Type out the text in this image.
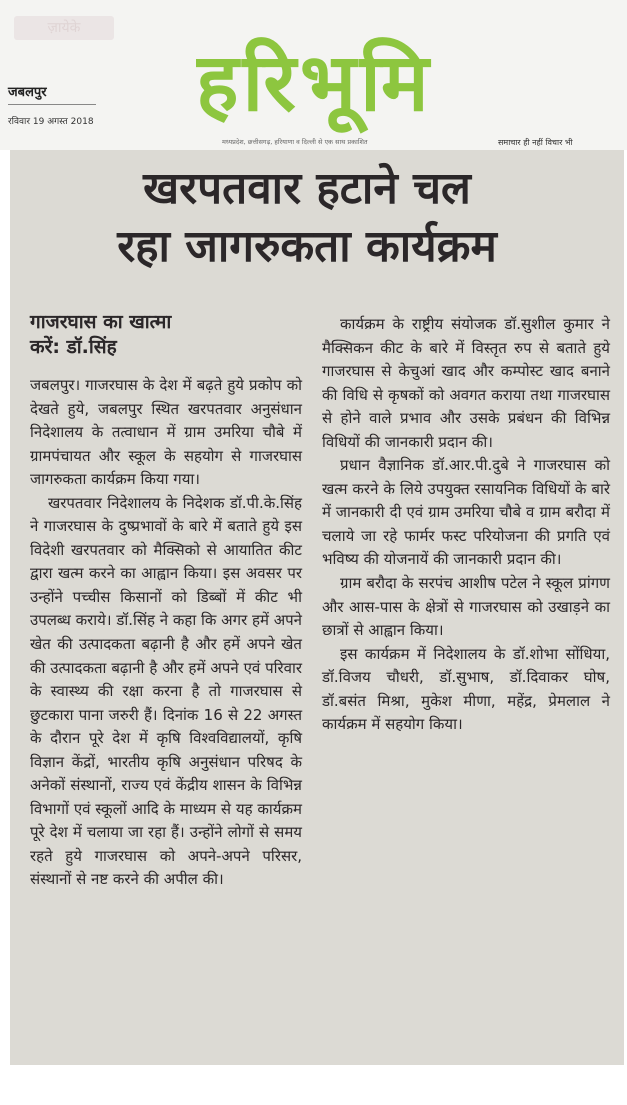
ज़ायेके
जबलपुर
रविवार 19 अगस्त 2018 हरिभूमि
मध्यप्रदेश, छत्तीसगढ़, हरियाणा व दिल्ली से एक साथ प्रकाशित	समाचार ही नहीं विचार भी
खरपतवार हटाने चल
रहा जागरुकता कार्यक्रम
गाजरघास का खात्मा
करें: डॉ.सिंह

जबलपुर। गाजरघास के देश में बढ़ते हुये प्रकोप को देखते हुये, जबलपुर स्थित खरपतवार अनुसंधान निदेशालय के तत्वाधान में ग्राम उमरिया चौबे में ग्रामपंचायत और स्कूल के सहयोग से गाजरघास जागरुकता कार्यक्रम किया गया।

खरपतवार निदेशालय के निदेशक डॉ.पी.के.सिंह ने गाजरघास के दुष्प्रभावों के बारे में बताते हुये इस विदेशी खरपतवार को मैक्सिको से आयातित कीट द्वारा खत्म करने का आह्वान किया। इस अवसर पर उन्होंने पच्चीस किसानों को डिब्बों में कीट भी उपलब्ध कराये। डॉ.सिंह ने कहा कि अगर हमें अपने खेत की उत्पादकता बढ़ानी है और हमें अपने खेत की उत्पादकता बढ़ानी है और हमें अपने एवं परिवार के स्वास्थ्य की रक्षा करना है तो गाजरघास से छुटकारा पाना जरुरी हैं। दिनांक 16 से 22 अगस्त के दौरान पूरे देश में कृषि विश्वविद्यालयों, कृषि विज्ञान केंद्रों, भारतीय कृषि अनुसंधान परिषद के अनेकों संस्थानों, राज्य एवं केंद्रीय शासन के विभिन्न विभागों एवं स्कूलों आदि के माध्यम से यह कार्यक्रम पूरे देश में चलाया जा रहा हैं। उन्होंने लोगों से समय रहते हुये गाजरघास को अपने-अपने परिसर, संस्थानों से नष्ट करने की अपील की।

कार्यक्रम के राष्ट्रीय संयोजक डॉ.सुशील कुमार ने मैक्सिकन कीट के बारे में विस्तृत रुप से बताते हुये गाजरघास से केचुआं खाद और कम्पोस्ट खाद बनाने की विधि से कृषकों को अवगत कराया तथा गाजरघास से होने वाले प्रभाव और उसके प्रबंधन की विभिन्न विधियों की जानकारी प्रदान की।

प्रधान वैज्ञानिक डॉ.आर.पी.दुबे ने गाजरघास को खत्म करने के लिये उपयुक्त रसायनिक विधियों के बारे में जानकारी दी एवं ग्राम उमरिया चौबे व ग्राम बरौदा में चलाये जा रहे फार्मर फस्ट परियोजना की प्रगति एवं भविष्य की योजनायें की जानकारी प्रदान की।

ग्राम बरौदा के सरपंच आशीष पटेल ने स्कूल प्रांगण और आस-पास के क्षेत्रों से गाजरघास को उखाड़ने का छात्रों से आह्वान किया।

इस कार्यक्रम में निदेशालय के डॉ.शोभा सोंधिया, डॉ.विजय चौधरी, डॉ.सुभाष, डॉ.दिवाकर घोष, डॉ.बसंत मिश्रा, मुकेश मीणा, महेंद्र, प्रेमलाल ने कार्यक्रम में सहयोग किया।
